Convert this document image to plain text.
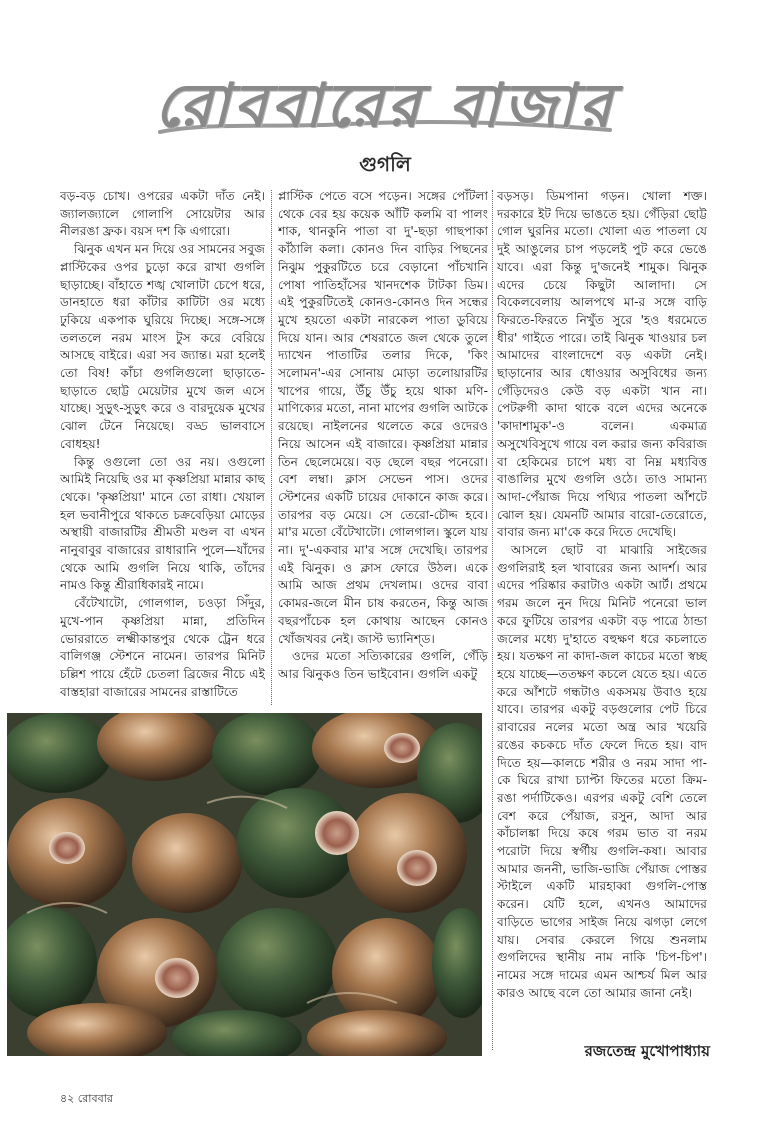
রোববারের বাজার
গুগলি

বড়-বড় চোখ। ওপরের একটা দাঁত নেই। জ্যালজ্যালে গোলাপি সোয়েটার আর নীলরঙা ফ্রক। বয়স দশ কি এগারো।

ঝিনুক এখন মন দিয়ে ওর সামনের সবুজ প্লাস্টিকের ওপর চুড়ো করে রাখা গুগলি ছাড়াচ্ছে। বাঁহাতে শঙ্খ খোলাটা চেপে ধরে, ডানহাতে ধরা কাঁটার কাটিটা ওর মধ্যে ঢুকিয়ে একপাক ঘুরিয়ে দিচ্ছে। সঙ্গে-সঙ্গে তলতলে নরম মাংস টুস করে বেরিয়ে আসছে বাইরে। এরা সব জ্যান্ত। মরা হলেই তো বিষ! কাঁচা গুগলিগুলো ছাড়াতে-ছাড়াতে ছোট্ট মেয়েটার মুখে জল এসে যাচ্ছে। সুড়ুৎ-সুড়ুৎ করে ও বারদুয়েক মুখের ঝোল টেনে নিয়েছে। বড্ড ভালবাসে বোধহয়!

কিন্তু ওগুলো তো ওর নয়। ওগুলো আমিই নিয়েছি ওর মা কৃষ্ণপ্রিয়া মান্নার কাছ থেকে। 'কৃষ্ণপ্রিয়া' মানে তো রাধা। খেয়াল হল ভবানীপুরে থাকতে চক্রবেড়িয়া মোড়ের অস্থায়ী বাজারটির শ্রীমতী মণ্ডল বা এখন নানুবাবুর বাজারের রাধারানি পুলে—যাঁদের থেকে আমি গুগলি নিয়ে থাকি, তাঁদের নামও কিন্তু শ্রীরাধিকারই নামে।

বেঁটেখাটো, গোলগাল, চওড়া সিঁদুর, মুখে-পান কৃষ্ণপ্রিয়া মান্না, প্রতিদিন ভোররাতে লক্ষ্মীকান্তপুর থেকে ট্রেন ধরে বালিগঞ্জ স্টেশনে নামেন। তারপর মিনিট চল্লিশ পায়ে হেঁটে চেতলা ব্রিজের নীচে এই বাস্তহারা বাজারের সামনের রাস্তাটিতে

প্লাস্টিক পেতে বসে পড়েন। সঙ্গের পোঁটলা থেকে বের হয় কয়েক আঁটি কলমি বা পালং শাক, থানকুনি পাতা বা দু'-ছড়া গাছপাকা কাঁঠালি কলা। কোনও দিন বাড়ির পিছনের নিঝুম পুকুরটিতে চরে বেড়ানো পাঁচখানি পোষা পাতিহাঁসের খানদশেক টাটকা ডিম। এই পুকুরটিতেই কোনও-কোনও দিন সন্ধের মুখে হয়তো একটা নারকেল পাতা ডুবিয়ে দিয়ে যান। আর শেষরাতে জল থেকে তুলে দ্যাখেন পাতাটির তলার দিকে, 'কিং সলোমন'-এর সোনায় মোড়া তলোয়ারটির খাপের গায়ে, উঁচু উঁচু হয়ে থাকা মণি-মাণিক্যের মতো, নানা মাপের গুগলি আটকে রয়েছে। নাইলনের থলেতে করে ওদেরও নিয়ে আসেন এই বাজারে। কৃষ্ণপ্রিয়া মান্নার তিন ছেলেমেয়ে। বড় ছেলে বছর পনেরো। বেশ লম্বা। ক্লাস সেভেন পাস। ওদের স্টেশনের একটি চায়ের দোকানে কাজ করে। তারপর বড় মেয়ে। সে তেরো-চৌদ্দ হবে। মা'র মতো বেঁটেখাটো। গোলগাল। স্কুলে যায় না। দু'-একবার মা'র সঙ্গে দেখেছি। তারপর এই ঝিনুক। ও ক্লাস ফোরে উঠল। একে আমি আজ প্রথম দেখলাম। ওদের বাবা কোমর-জলে মীন চাষ করতেন, কিন্তু আজ বছরপাঁচেক হল কোথায় আছেন কোনও খোঁজখবর নেই। জাস্ট ভ্যানিশ্‌ড।

ওদের মতো সত্যিকারের গুগলি, গেঁড়ি আর ঝিনুকও তিন ভাইবোন। গুগলি একটু

বড়সড়। ডিমপানা গড়ন। খোলা শক্ত। দরকারে ইট দিয়ে ভাঙতে হয়। গেঁড়িরা ছোট্ট গোল ঘুরনির মতো। খোলা এত পাতলা যে দুই আঙুলের চাপ পড়লেই পুট করে ভেঙে যাবে। এরা কিন্তু দু'জনেই শামুক। ঝিনুক এদের চেয়ে কিছুটা আলাদা। সে বিকেলবেলায় আলপথে মা-র সঙ্গে বাড়ি ফিরতে-ফিরতে নিখুঁত সুরে 'হও ধরমেতে ধীর' গাইতে পারে। তাই ঝিনুক খাওয়ার চল আমাদের বাংলাদেশে বড় একটা নেই। ছাড়ানোর আর ধোওয়ার অসুবিধের জন্য গেঁড়িদেরও কেউ বড় একটা খান না। পেটরুগী কাদা থাকে বলে এদের অনেকে 'কাদাশামুক'-ও বলেন। একমাত্র অসুখেবিসুখে গায়ে বল করার জন্য কবিরাজ বা হেকিমের চাপে মধ্য বা নিম্ন মধ্যবিত্ত বাঙালির মুখে গুগলি ওঠে। তাও সামান্য আদা-পেঁয়াজ দিয়ে পথ্যির পাতলা আঁশটে ঝোল হয়। যেমনটি আমার বারো-তেরোতে, বাবার জন্য মা'কে করে দিতে দেখেছি।

আসলে ছোট বা মাঝারি সাইজের গুগলিরাই হল খাবারের জন্য আদর্শ। আর এদের পরিষ্কার করাটাও একটা আর্ট। প্রথমে গরম জলে নুন দিয়ে মিনিট পনেরো ভাল করে ফুটিয়ে তারপর একটা বড় পাত্রে ঠান্ডা জলের মধ্যে দু'হাতে বহুক্ষণ ধরে কচলাতে হয়। যতক্ষণ না কাদা-জল কাচের মতো স্বচ্ছ হয়ে যাচ্ছে—ততক্ষণ কচলে যেতে হয়। এতে করে আঁশটে গন্ধটাও একসময় উবাও হয়ে যাবে। তারপর একটু বড়গুলোর পেট চিরে রাবারের নলের মতো অন্ত্র আর খয়েরি রঙের কচকচে দাঁত ফেলে দিতে হয়। বাদ দিতে হয়—কালচে শরীর ও নরম সাদা পা-কে ঘিরে রাখা চ্যাপ্টা ফিতের মতো ক্রিম-রঙা পর্দাটিকেও। এরপর একটু বেশি তেলে বেশ করে পেঁয়াজ, রসুন, আদা আর কাঁচালঙ্কা দিয়ে কষে গরম ভাত বা নরম পরোটা দিয়ে স্বর্গীয় গুগলি-কষা। আবার আমার জননী, ভাজি-ভাজি পেঁয়াজ পোস্তর স্টাইলে একটি মারহাব্বা গুগলি-পোস্ত করেন। যেটি হলে, এখনও আমাদের বাড়িতে ভাগের সাইজ নিয়ে ঝগড়া লেগে যায়। সেবার কেরলে গিয়ে শুনলাম গুগলিদের স্থানীয় নাম নাকি 'চিপ-চিপ'। নামের সঙ্গে দামের এমন আশ্চর্য মিল আর কারও আছে বলে তো আমার জানা নেই।

রজতেন্দ্র মুখোপাধ্যায়
৪২ রোববার
